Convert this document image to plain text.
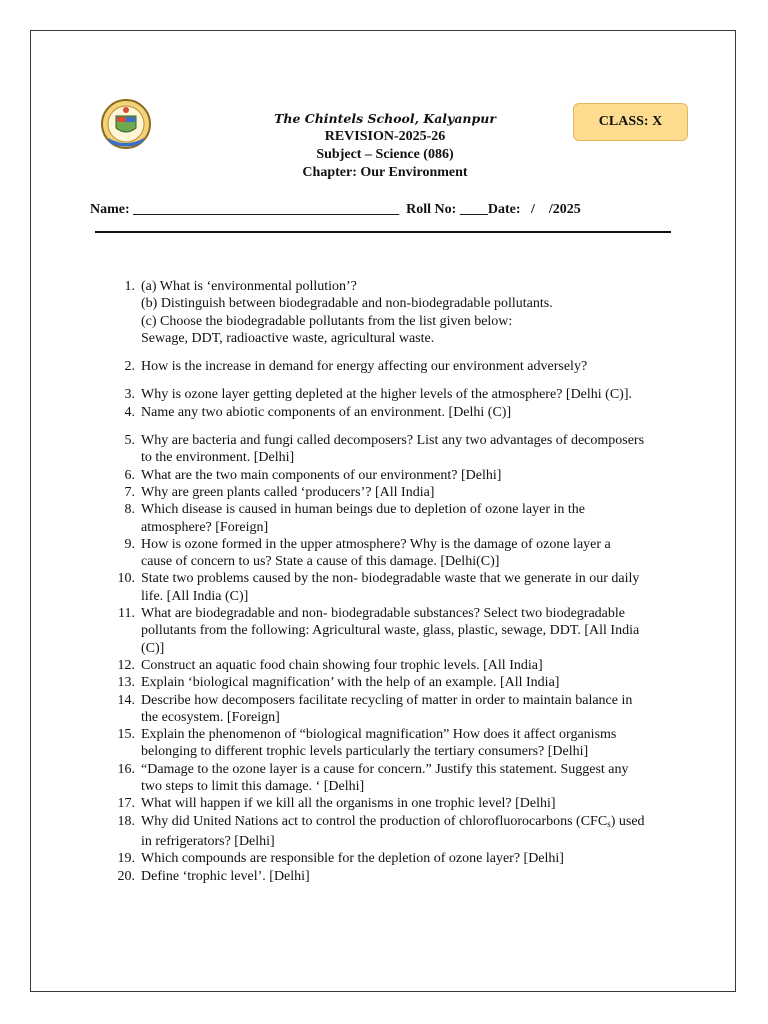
The Chintels School, Kalyanpur
REVISION-2025-26
Subject – Science (086)
Chapter: Our Environment
CLASS: X
Name: ______________________________________ Roll No: ____Date: /    /2025
1. (a) What is ‘environmental pollution’?
(b) Distinguish between biodegradable and non-biodegradable pollutants.
(c) Choose the biodegradable pollutants from the list given below:
Sewage, DDT, radioactive waste, agricultural waste.
2. How is the increase in demand for energy affecting our environment adversely?
3. Why is ozone layer getting depleted at the higher levels of the atmosphere? [Delhi (C)].
4. Name any two abiotic components of an environment. [Delhi (C)]
5. Why are bacteria and fungi called decomposers? List any two advantages of decomposers
to the environment. [Delhi]
6. What are the two main components of our environment? [Delhi]
7. Why are green plants called ‘producers’? [All India]
8. Which disease is caused in human beings due to depletion of ozone layer in the
atmosphere? [Foreign]
9. How is ozone formed in the upper atmosphere? Why is the damage of ozone layer a
cause of concern to us? State a cause of this damage. [Delhi(C)]
10. State two problems caused by the non- biodegradable waste that we generate in our daily
life. [All India (C)]
11. What are biodegradable and non- biodegradable substances? Select two biodegradable
pollutants from the following: Agricultural waste, glass, plastic, sewage, DDT. [All India
(C)]
12. Construct an aquatic food chain showing four trophic levels. [All India]
13. Explain ‘biological magnification’ with the help of an example. [All India]
14. Describe how decomposers facilitate recycling of matter in order to maintain balance in
the ecosystem. [Foreign]
15. Explain the phenomenon of “biological magnification” How does it affect organisms
belonging to different trophic levels particularly the tertiary consumers? [Delhi]
16. “Damage to the ozone layer is a cause for concern.” Justify this statement. Suggest any
two steps to limit this damage. ‘ [Delhi]
17. What will happen if we kill all the organisms in one trophic level? [Delhi]
18. Why did United Nations act to control the production of chlorofluorocarbons $(CFC_s)$ used
in refrigerators? [Delhi]
19. Which compounds are responsible for the depletion of ozone layer? [Delhi]
20. Define ‘trophic level’. [Delhi]
